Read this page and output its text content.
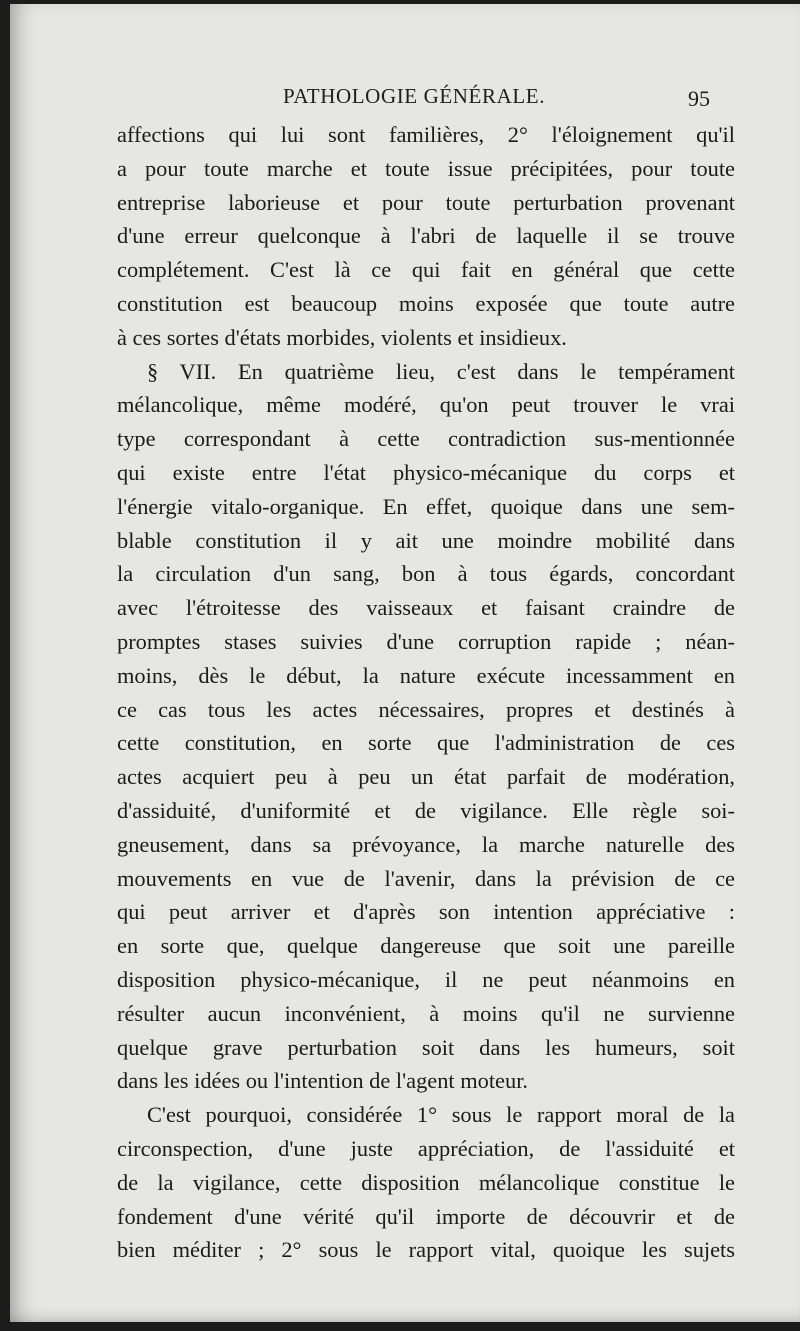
PATHOLOGIE GÉNÉRALE.	95
affections qui lui sont familières, 2° l'éloignement qu'il
a pour toute marche et toute issue précipitées, pour toute
entreprise laborieuse et pour toute perturbation provenant
d'une erreur quelconque à l'abri de laquelle il se trouve
complétement. C'est là ce qui fait en général que cette
constitution est beaucoup moins exposée que toute autre
à ces sortes d'états morbides, violents et insidieux.
§ VII. En quatrième lieu, c'est dans le tempérament
mélancolique, même modéré, qu'on peut trouver le vrai
type correspondant à cette contradiction sus-mentionnée
qui existe entre l'état physico-mécanique du corps et
l'énergie vitalo-organique. En effet, quoique dans une sem-
blable constitution il y ait une moindre mobilité dans
la circulation d'un sang, bon à tous égards, concordant
avec l'étroitesse des vaisseaux et faisant craindre de
promptes stases suivies d'une corruption rapide ; néan-
moins, dès le début, la nature exécute incessamment en
ce cas tous les actes nécessaires, propres et destinés à
cette constitution, en sorte que l'administration de ces
actes acquiert peu à peu un état parfait de modération,
d'assiduité, d'uniformité et de vigilance. Elle règle soi-
gneusement, dans sa prévoyance, la marche naturelle des
mouvements en vue de l'avenir, dans la prévision de ce
qui peut arriver et d'après son intention appréciative :
en sorte que, quelque dangereuse que soit une pareille
disposition physico-mécanique, il ne peut néanmoins en
résulter aucun inconvénient, à moins qu'il ne survienne
quelque grave perturbation soit dans les humeurs, soit
dans les idées ou l'intention de l'agent moteur.
C'est pourquoi, considérée 1° sous le rapport moral de la
circonspection, d'une juste appréciation, de l'assiduité et
de la vigilance, cette disposition mélancolique constitue le
fondement d'une vérité qu'il importe de découvrir et de
bien méditer ; 2° sous le rapport vital, quoique les sujets
